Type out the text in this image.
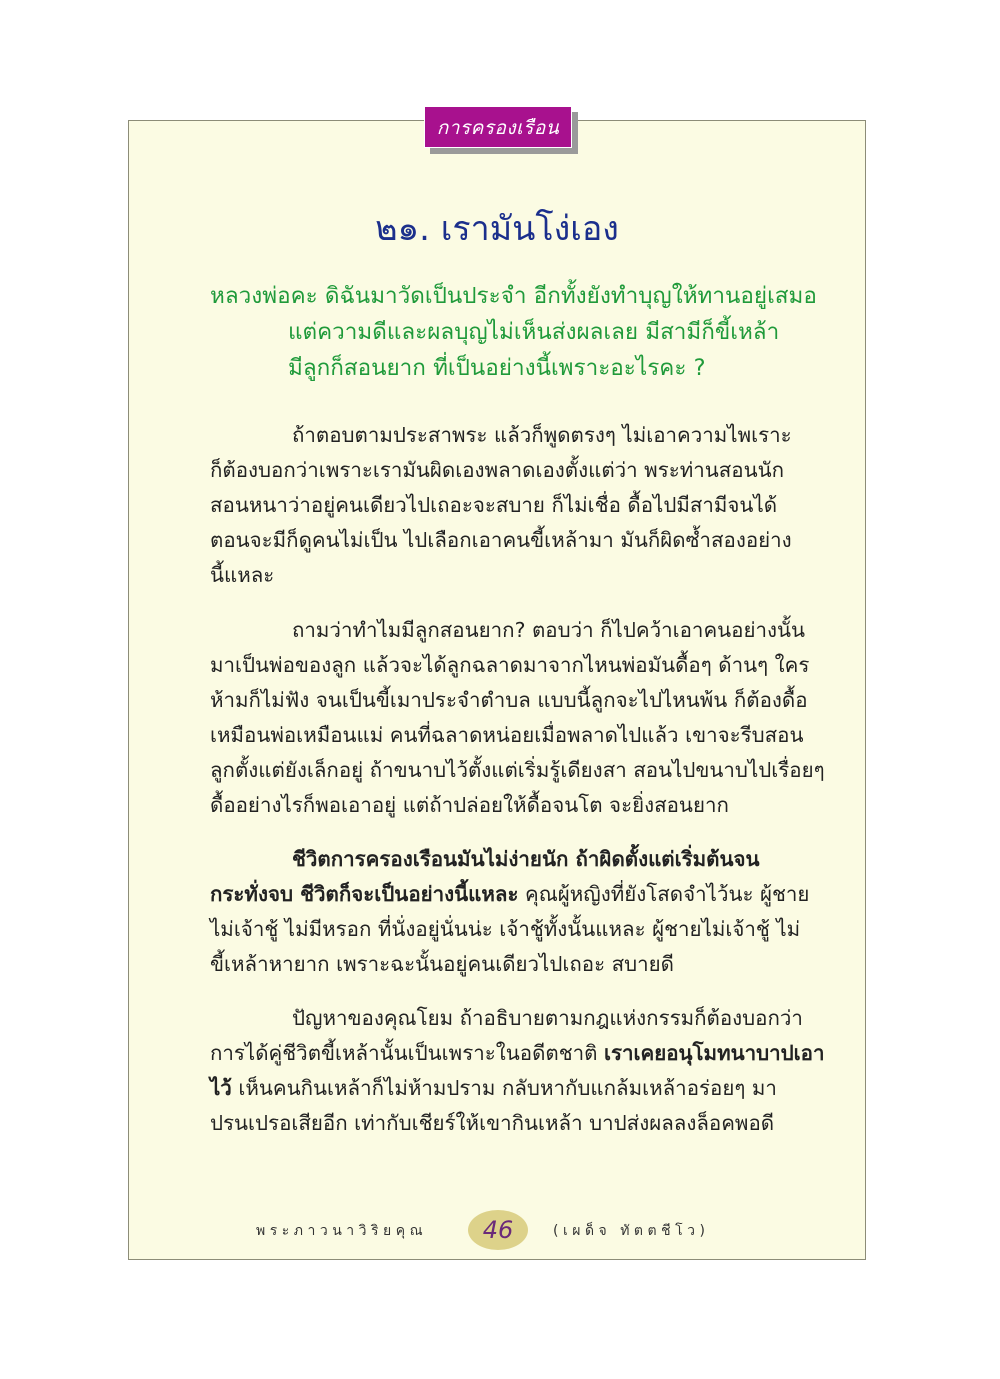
การครองเรือน
๒๑. เรามันโง่เอง
หลวงพ่อคะ ดิฉันมาวัดเป็นประจำ อีกทั้งยังทำบุญให้ทานอยู่เสมอ
แต่ความดีและผลบุญไม่เห็นส่งผลเลย มีสามีก็ขี้เหล้า
มีลูกก็สอนยาก ที่เป็นอย่างนี้เพราะอะไรคะ ?
ถ้าตอบตามประสาพระ แล้วก็พูดตรงๆ ไม่เอาความไพเราะ
ก็ต้องบอกว่าเพราะเรามันผิดเองพลาดเองตั้งแต่ว่า พระท่านสอนนัก
สอนหนาว่าอยู่คนเดียวไปเถอะจะสบาย ก็ไม่เชื่อ ดื้อไปมีสามีจนได้
ตอนจะมีก็ดูคนไม่เป็น ไปเลือกเอาคนขี้เหล้ามา มันก็ผิดซ้ำสองอย่าง
นี้แหละ
ถามว่าทำไมมีลูกสอนยาก? ตอบว่า ก็ไปคว้าเอาคนอย่างนั้น
มาเป็นพ่อของลูก แล้วจะได้ลูกฉลาดมาจากไหนพ่อมันดื้อๆ ด้านๆ ใคร
ห้ามก็ไม่ฟัง จนเป็นขี้เมาประจำตำบล แบบนี้ลูกจะไปไหนพ้น ก็ต้องดื้อ
เหมือนพ่อเหมือนแม่ คนที่ฉลาดหน่อยเมื่อพลาดไปแล้ว เขาจะรีบสอน
ลูกตั้งแต่ยังเล็กอยู่ ถ้าขนาบไว้ตั้งแต่เริ่มรู้เดียงสา สอนไปขนาบไปเรื่อยๆ
ดื้ออย่างไรก็พอเอาอยู่ แต่ถ้าปล่อยให้ดื้อจนโต จะยิ่งสอนยาก
ชีวิตการครองเรือนมันไม่ง่ายนัก ถ้าผิดตั้งแต่เริ่มต้นจน
กระทั่งจบ ชีวิตก็จะเป็นอย่างนี้แหละ คุณผู้หญิงที่ยังโสดจำไว้นะ ผู้ชาย
ไม่เจ้าชู้ ไม่มีหรอก ที่นั่งอยู่นั่นน่ะ เจ้าชู้ทั้งนั้นแหละ ผู้ชายไม่เจ้าชู้ ไม่
ขี้เหล้าหายาก เพราะฉะนั้นอยู่คนเดียวไปเถอะ สบายดี
ปัญหาของคุณโยม ถ้าอธิบายตามกฎแห่งกรรมก็ต้องบอกว่า
การได้คู่ชีวิตขี้เหล้านั้นเป็นเพราะในอดีตชาติ เราเคยอนุโมทนาบาปเอา
ไว้ เห็นคนกินเหล้าก็ไม่ห้ามปราม กลับหากับแกล้มเหล้าอร่อยๆ มา
ปรนเปรอเสียอีก เท่ากับเชียร์ให้เขากินเหล้า บาปส่งผลลงล็อคพอดี
พระภาวนาวิริยคุณ	46	(เผด็จ ทัตตชีโว)
